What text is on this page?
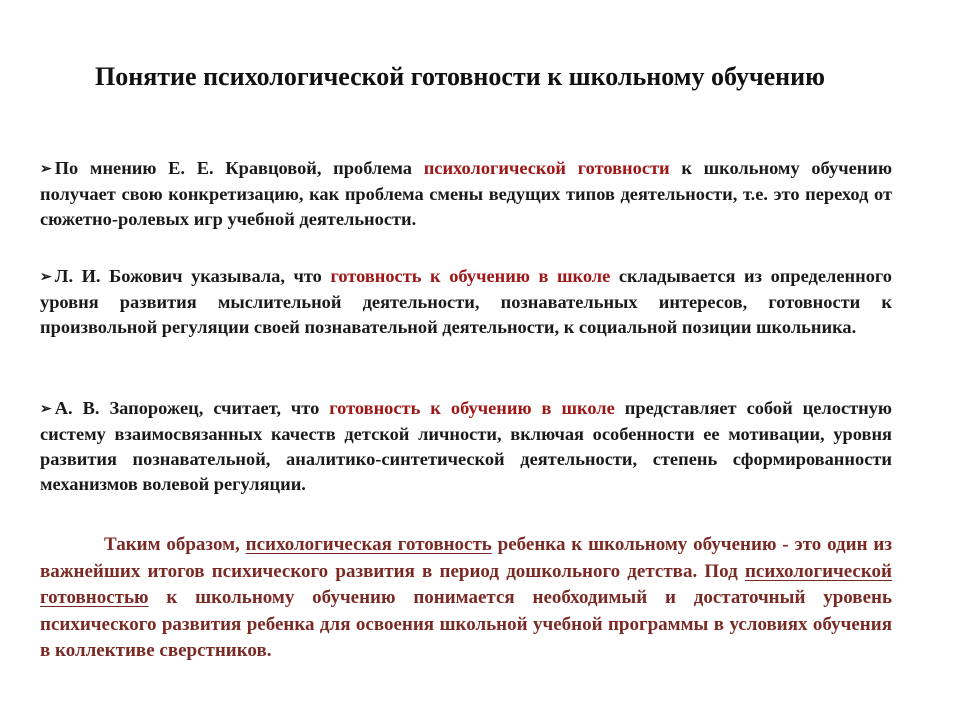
Понятие психологической готовности к школьному обучению

➢ По мнению Е. Е. Кравцовой, проблема психологической готовности к школьному обучению получает свою конкретизацию, как проблема смены ведущих типов деятельности, т.е. это переход от сюжетно-ролевых игр учебной деятельности.

➢ Л. И. Божович указывала, что готовность к обучению в школе складывается из определенного уровня развития мыслительной деятельности, познавательных интересов, готовности к произвольной регуляции своей познавательной деятельности, к социальной позиции школьника.

➢ А. В. Запорожец, считает, что готовность к обучению в школе представляет собой целостную систему взаимосвязанных качеств детской личности, включая особенности ее мотивации, уровня развития познавательной, аналитико-синтетической деятельности, степень сформированности механизмов волевой регуляции.

Таким образом, психологическая готовность ребенка к школьному обучению - это один из важнейших итогов психического развития в период дошкольного детства. Под психологической готовностью к школьному обучению понимается необходимый и достаточный уровень психического развития ребенка для освоения школьной учебной программы в условиях обучения в коллективе сверстников.
